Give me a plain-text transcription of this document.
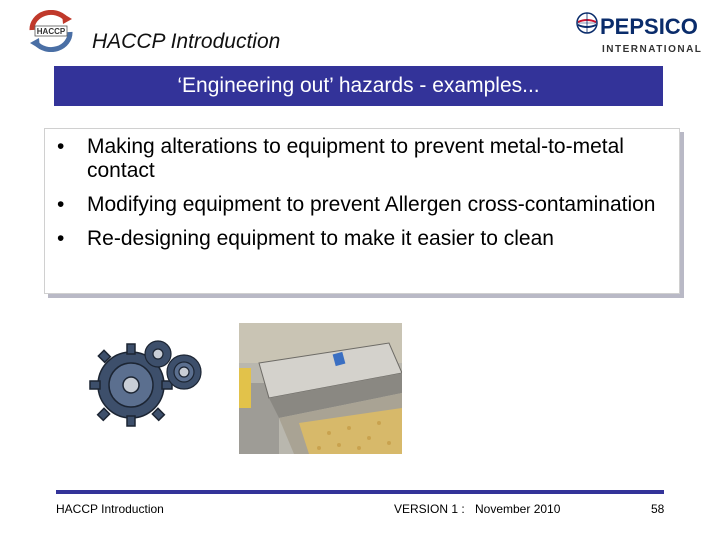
HACCP HACCP Introduction
PEPSICO
INTERNATIONAL
‘Engineering out’ hazards - examples...
• Making alterations to equipment to prevent metal-to-metal contact
• Modifying equipment to prevent Allergen cross-contamination
• Re-designing equipment to make it easier to clean
HACCP Introduction	VERSION 1 : November 2010	58
